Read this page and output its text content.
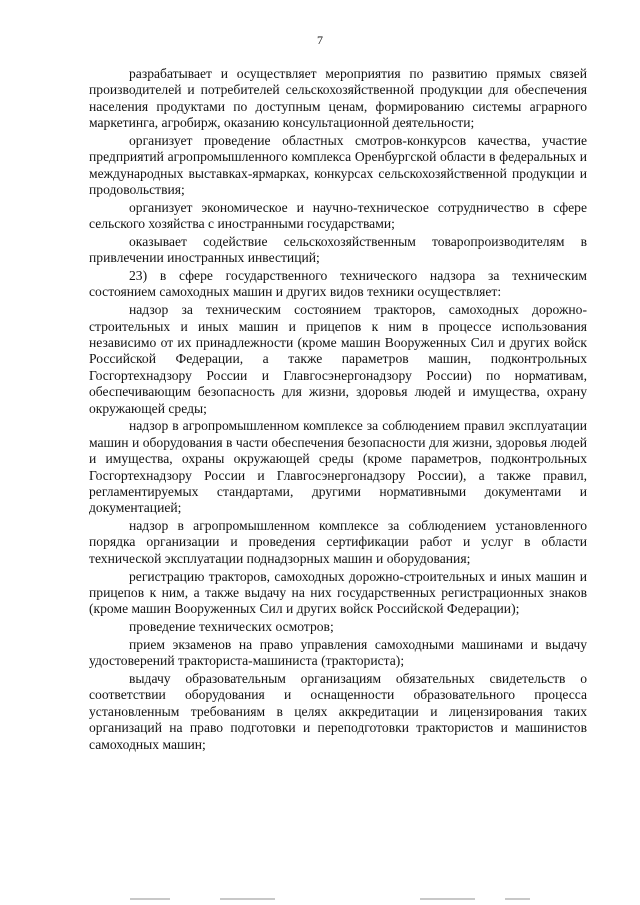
7

разрабатывает и осуществляет мероприятия по развитию прямых связей производителей и потребителей сельскохозяйственной продукции для обеспечения населения продуктами по доступным ценам, формированию системы аграрного маркетинга, агробирж, оказанию консультационной деятельности;

организует проведение областных смотров-конкурсов качества, участие предприятий агропромышленного комплекса Оренбургской области в федеральных и международных выставках-ярмарках, конкурсах сельскохозяйственной продукции и продовольствия;

организует экономическое и научно-техническое сотрудничество в сфере сельского хозяйства с иностранными государствами;

оказывает содействие сельскохозяйственным товаропроизводителям в привлечении иностранных инвестиций;

23) в сфере государственного технического надзора за техническим состоянием самоходных машин и других видов техники осуществляет:

надзор за техническим состоянием тракторов, самоходных дорожно-строительных и иных машин и прицепов к ним в процессе использования независимо от их принадлежности (кроме машин Вооруженных Сил и других войск Российской Федерации, а также параметров машин, подконтрольных Госгортехнадзору России и Главгосэнергонадзору России) по нормативам, обеспечивающим безопасность для жизни, здоровья людей и имущества, охрану окружающей среды;

надзор в агропромышленном комплексе за соблюдением правил эксплуатации машин и оборудования в части обеспечения безопасности для жизни, здоровья людей и имущества, охраны окружающей среды (кроме параметров, подконтрольных Госгортехнадзору России и Главгосэнергонадзору России), а также правил, регламентируемых стандартами, другими нормативными документами и документацией;

надзор в агропромышленном комплексе за соблюдением установленного порядка организации и проведения сертификации работ и услуг в области технической эксплуатации поднадзорных машин и оборудования;

регистрацию тракторов, самоходных дорожно-строительных и иных машин и прицепов к ним, а также выдачу на них государственных регистрационных знаков (кроме машин Вооруженных Сил и других войск Российской Федерации);

проведение технических осмотров;

прием экзаменов на право управления самоходными машинами и выдачу удостоверений тракториста-машиниста (тракториста);

выдачу образовательным организациям обязательных свидетельств о соответствии оборудования и оснащенности образовательного процесса установленным требованиям в целях аккредитации и лицензирования таких организаций на право подготовки и переподготовки трактористов и машинистов самоходных машин;
